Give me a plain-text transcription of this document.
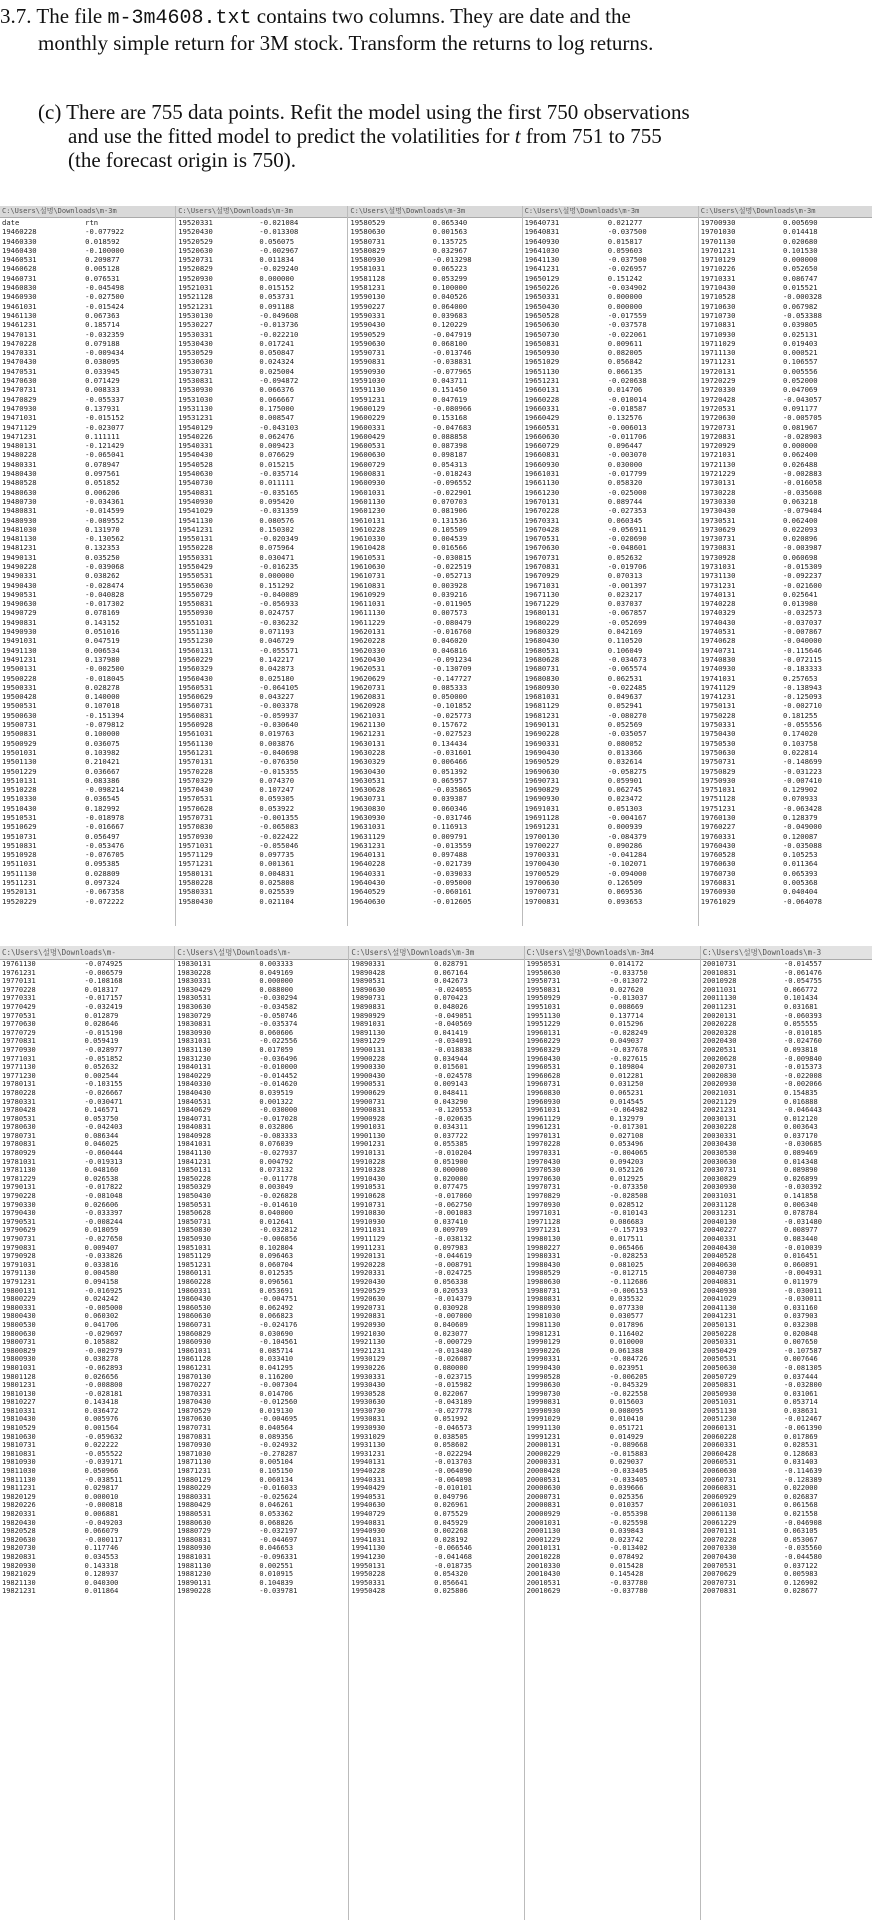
3.7. The file m-3m4608.txt contains two columns. They are date and the
monthly simple return for 3M stock. Transform the returns to log returns.
(c) There are 755 data points. Refit the model using the first 750 observations
and use the fitted model to predict the volatilities for t from 751 to 755
(the forecast origin is 750).
C:\Users\설명\Downloads\m-3m
date	rtn
19460228	-0.077922
19460330	0.018592
19460430	-0.100000
19460531	0.209877
19460628	0.005128
19460731	0.076531
19460830	-0.045498
19460930	-0.027500
19461031	-0.015424
19461130	0.067363
19461231	0.185714
19470131	-0.032359
19470228	0.079188
19470331	-0.009434
19470430	0.038095
19470531	0.033945
19470630	0.071429
19470731	0.008333
19470829	-0.055337
19470930	0.137931
19471031	-0.015152
19471129	-0.023077
19471231	0.111111
19480131	-0.121429
19480228	-0.065041
19480331	0.078947
19480430	0.097561
19480528	0.051852
19480630	0.006206
19480730	-0.034361
19480831	-0.014599
19480930	-0.089552
19481030	0.131970
19481130	-0.130562
19481231	0.132353
19490131	0.035250
19490228	-0.039068
19490331	0.038262
19490430	-0.028474
19490531	-0.040828
19490630	-0.017302
19490729	0.078169
19490831	0.143152
19490930	0.051016
19491031	0.047519
19491130	0.006534
19491231	0.137980
19500131	-0.002500
19500228	-0.018045
19500331	0.028278
19500428	0.140000
19500531	0.107018
19500630	-0.151394
19500731	-0.079812
19500831	0.100000
19500929	0.036075
19501031	0.103982
19501130	0.210421
19501229	0.036667
19510131	0.083386
19510228	-0.098214
19510330	0.036545
19510430	0.182992
19510531	-0.018978
19510629	-0.016667
19510731	0.056497
19510831	-0.053476
19510928	-0.076705
19511031	0.095385
19511130	0.028809
19511231	0.097324
19520131	-0.067358
19520229	-0.072222
C:\Users\설명\Downloads\m-3m
19520331	-0.021084
19520430	-0.013308
19520529	0.056075
19520630	-0.002967
19520731	0.011834
19520829	-0.029240
19520930	0.000000
19521031	0.015152
19521128	0.053731
19521231	0.091188
19530130	-0.049608
19530227	-0.013736
19530331	-0.022210
19530430	0.017241
19530529	0.050847
19530630	0.024324
19530731	0.025004
19530831	-0.094872
19530930	0.066376
19531030	0.066667
19531130	0.175000
19531231	0.008547
19540129	-0.043103
19540226	0.062476
19540331	0.009423
19540430	0.076629
19540528	0.015215
19540630	-0.035714
19540730	0.011111
19540831	-0.035165
19540930	0.095420
19541029	-0.031359
19541130	0.080576
19541231	0.150302
19550131	-0.020349
19550228	0.075964
19550331	0.030471
19550429	-0.016235
19550531	0.000000
19550630	0.151292
19550729	-0.040089
19550831	-0.056933
19550930	0.024757
19551031	-0.036232
19551130	0.071193
19551230	0.046729
19560131	-0.055571
19560229	0.142217
19560329	0.042873
19560430	0.025180
19560531	-0.064105
19560629	0.043227
19560731	-0.003378
19560831	-0.059937
19560928	-0.030640
19561031	0.019763
19561130	0.003876
19561231	-0.040698
19570131	-0.076350
19570228	-0.015355
19570329	0.074370
19570430	0.107247
19570531	0.059305
19570628	0.053922
19570731	-0.001355
19570830	-0.065083
19570930	-0.022422
19571031	-0.055046
19571129	0.097735
19571231	0.001361
19580131	0.004831
19580228	0.025808
19580331	0.025539
19580430	0.021104
C:\Users\설명\Downloads\m-3m
19580529	0.065340
19580630	0.001563
19580731	0.135725
19580829	0.032967
19580930	-0.013298
19581031	0.065223
19581128	0.053299
19581231	0.100000
19590130	0.040526
19590227	0.064000
19590331	0.039683
19590430	0.120229
19590529	-0.047919
19590630	0.068100
19590731	-0.013746
19590831	-0.038831
19590930	-0.077965
19591030	0.043711
19591130	0.151450
19591231	0.047619
19600129	-0.080966
19600229	0.153168
19600331	-0.047683
19600429	0.088858
19600531	0.087398
19600630	0.098187
19600729	0.054313
19600831	-0.018243
19600930	-0.096552
19601031	-0.022901
19601130	0.070703
19601230	0.081906
19610131	0.131536
19610228	0.105509
19610330	0.004539
19610428	0.016566
19610531	-0.030815
19610630	-0.022519
19610731	-0.052713
19610831	0.003928
19610929	0.039216
19611031	-0.011905
19611130	0.007573
19611229	-0.080479
19620131	-0.016760
19620228	0.046020
19620330	0.046816
19620430	-0.091234
19620531	-0.130709
19620629	-0.147727
19620731	0.085333
19620831	0.050000
19620928	-0.101852
19621031	-0.025773
19621130	0.157672
19621231	-0.027523
19630131	0.134434
19630228	-0.031601
19630329	0.006466
19630430	0.051392
19630531	0.065957
19630628	-0.035865
19630731	0.039387
19630830	0.060346
19630930	-0.031746
19631031	0.116913
19631129	0.009791
19631231	-0.013559
19640131	0.097488
19640228	-0.021739
19640331	-0.039033
19640430	-0.095000
19640529	-0.060161
19640630	-0.012605
C:\Users\설명\Downloads\m-3m
19640731	0.021277
19640831	-0.037500
19640930	0.015817
19641030	0.059603
19641130	-0.037500
19641231	-0.026957
19650129	0.151242
19650226	-0.034902
19650331	0.000000
19650430	0.000000
19650528	-0.017559
19650630	-0.037578
19650730	-0.022061
19650831	0.009611
19650930	0.082005
19651029	0.056842
19651130	0.066135
19651231	-0.020638
19660131	0.014706
19660228	-0.010014
19660331	-0.018587
19660429	0.132576
19660531	-0.006013
19660630	-0.011706
19660729	0.096447
19660831	-0.003070
19660930	0.030000
19661031	-0.017799
19661130	0.058320
19661230	-0.025000
19670131	0.089744
19670228	-0.027353
19670331	0.060345
19670428	-0.056911
19670531	-0.020690
19670630	-0.048601
19670731	0.052632
19670831	-0.019706
19670929	0.070313
19671031	-0.001397
19671130	0.023217
19671229	0.037037
19680131	-0.067857
19680229	-0.052699
19680329	0.042169
19680430	0.110520
19680531	0.106049
19680628	-0.034673
19680731	-0.065574
19680830	0.062531
19680930	-0.022485
19681031	0.049637
19681129	0.052941
19681231	-0.080270
19690131	0.052569
19690228	-0.035057
19690331	0.080052
19690430	0.013366
19690529	0.032614
19690630	-0.058275
19690731	0.059901
19690829	0.062745
19690930	0.023472
19691031	0.051303
19691128	-0.004167
19691231	0.000939
19700130	-0.084379
19700227	0.090286
19700331	-0.041284
19700430	-0.102071
19700529	-0.094000
19700630	0.126509
19700731	0.069536
19700831	0.093653
C:\Users\설명\Downloads\m-3m
19700930	0.005690
19701030	0.014418
19701130	0.020680
19701231	0.101530
19710129	0.000000
19710226	0.052650
19710331	0.086747
19710430	0.015521
19710528	-0.000328
19710630	0.067982
19710730	-0.053388
19710831	0.039805
19710930	0.025131
19711029	0.019403
19711130	0.000521
19711231	0.106557
19720131	0.005556
19720229	0.052000
19720330	0.047069
19720428	-0.043057
19720531	0.091177
19720630	-0.005705
19720731	0.081967
19720831	-0.028903
19720929	0.000000
19721031	0.062400
19721130	0.026488
19721229	-0.002883
19730131	-0.016058
19730228	-0.035608
19730330	0.063218
19730430	-0.079404
19730531	0.062400
19730629	0.022093
19730731	0.020896
19730831	-0.003987
19730928	0.060698
19731031	-0.015309
19731130	-0.092237
19731231	-0.021600
19740131	0.025641
19740228	0.013980
19740329	-0.032573
19740430	-0.037037
19740531	-0.007867
19740628	-0.040000
19740731	-0.115646
19740830	-0.072115
19740930	-0.183333
19741031	0.257653
19741129	-0.138943
19741231	-0.125093
19750131	-0.002710
19750228	0.181255
19750331	-0.055556
19750430	0.174020
19750530	0.103758
19750630	0.022814
19750731	-0.148699
19750829	-0.031223
19750930	-0.007410
19751031	0.129902
19751128	0.070933
19751231	-0.063428
19760130	0.128379
19760227	-0.049000
19760331	0.120087
19760430	-0.035088
19760528	0.105253
19760630	0.011364
19760730	0.065393
19760831	0.005368
19760930	0.040404
19761029	-0.064078
C:\Users\설명\Downloads\m-
19761130	-0.074925
19761231	-0.006579
19770131	-0.108168
19770228	0.018317
19770331	-0.017157
19770429	-0.032419
19770531	0.012879
19770630	0.028646
19770729	-0.015190
19770831	0.059419
19770930	-0.028977
19771031	-0.051852
19771130	0.052632
19771230	0.002544
19780131	-0.103155
19780228	-0.026667
19780331	-0.030471
19780428	0.146571
19780531	0.053750
19780630	-0.042403
19780731	0.086344
19780831	0.046025
19780929	-0.060444
19781031	-0.019313
19781130	0.048160
19781229	0.026538
19790131	-0.017822
19790228	-0.081048
19790330	0.026606
19790430	-0.033397
19790531	-0.008244
19790629	0.018059
19790731	-0.027650
19790831	0.009407
19790928	-0.033826
19791031	0.033816
19791130	0.004580
19791231	0.094158
19800131	-0.016925
19800229	0.024242
19800331	-0.005000
19800430	0.060302
19800530	0.041706
19800630	-0.029697
19800731	0.105882
19800829	-0.002979
19800930	0.038278
19801031	-0.062893
19801128	0.026656
19801231	-0.008800
19810130	-0.028181
19810227	0.143418
19810331	0.036472
19810430	0.005976
19810529	0.001564
19810630	-0.059632
19810731	0.022222
19810831	-0.055522
19810930	-0.039171
19811030	0.050966
19811130	-0.038511
19811231	0.029817
19820129	0.000010
19820226	-0.000818
19820331	0.006881
19820430	-0.049203
19820528	0.066079
19820630	-0.000117
19820730	0.117746
19820831	0.034553
19820930	0.143318
19821029	0.128937
19821130	0.040300
19821231	0.011864
C:\Users\설명\Downloads\m-
19830131	0.003333
19830228	0.049169
19830331	0.000000
19830429	0.088000
19830531	-0.030294
19830630	-0.034582
19830729	-0.050746
19830831	-0.035374
19830930	0.060606
19831031	-0.022556
19831130	0.017059
19831230	-0.036496
19840131	-0.010000
19840229	-0.014452
19840330	-0.014620
19840430	0.039519
19840531	0.001322
19840629	-0.030000
19840731	-0.017028
19840831	0.032806
19840928	-0.083333
19841031	0.076039
19841130	-0.027937
19841231	0.004792
19850131	0.073132
19850228	-0.011778
19850329	0.003049
19850430	-0.026828
19850531	-0.014610
19850628	0.040000
19850731	0.012641
19850830	-0.032812
19850930	-0.006856
19851031	0.102804
19851129	0.096463
19851231	0.060704
19860131	0.012535
19860228	0.096561
19860331	0.053691
19860430	-0.004751
19860530	0.062492
19860630	0.066823
19860731	-0.024176
19860829	0.030690
19860930	-0.104561
19861031	0.085714
19861128	0.033410
19861231	0.041295
19870130	0.116200
19870227	-0.007304
19870331	0.014706
19870430	-0.012560
19870529	0.019130
19870630	-0.004695
19870731	0.040564
19870831	0.089356
19870930	-0.024932
19871030	-0.278287
19871130	0.005104
19871231	0.105150
19880129	0.060134
19880229	-0.016033
19880331	-0.025624
19880429	0.046261
19880531	0.053362
19880630	0.068826
19880729	-0.032197
19880831	-0.044697
19880930	0.046653
19881031	-0.096331
19881130	0.002551
19881230	0.010915
19890131	0.104839
19890228	-0.039781
C:\Users\설명\Downloads\m-3m
19890331	0.028791
19890428	0.067164
19890531	0.042673
19890630	-0.024055
19890731	0.070423
19890831	0.048026
19890929	-0.049051
19891031	-0.040569
19891130	0.041419
19891229	-0.034091
19900131	-0.018838
19900228	0.034944
19900330	0.015601
19900430	-0.024578
19900531	0.009143
19900629	0.048411
19900731	0.043290
19900831	-0.120553
19900928	-0.020635
19901031	0.034311
19901130	0.037722
19901231	0.055385
19910131	-0.010204
19910228	0.051900
19910328	0.000000
19910430	0.020000
19910531	0.077475
19910628	-0.017060
19910731	-0.062750
19910830	-0.001083
19910930	0.037410
19911031	0.009709
19911129	-0.038132
19911231	0.097983
19920131	-0.044619
19920228	-0.008791
19920331	-0.024725
19920430	0.056338
19920529	0.020533
19920630	-0.014379
19920731	0.030928
19920831	-0.007000
19920930	0.040609
19921030	0.023077
19921130	-0.000729
19921231	-0.013480
19930129	-0.026087
19930226	0.080000
19930331	-0.023715
19930430	-0.015982
19930528	0.022067
19930630	-0.043189
19930730	-0.027778
19930831	0.051992
19930930	-0.046573
19931029	0.038505
19931130	0.058602
19931231	-0.022294
19940131	-0.013703
19940228	-0.064090
19940331	-0.064098
19940429	-0.010101
19940531	0.049796
19940630	0.026961
19940729	0.075529
19940831	0.045929
19940930	0.002268
19941031	0.028192
19941130	-0.066546
19941230	-0.041468
19950131	-0.018735
19950228	0.054320
19950331	0.056641
19950428	0.025806
C:\Users\설명\Downloads\m-3m4
19950531	0.014172
19950630	-0.033750
19950731	-0.013072
19950831	0.027620
19950929	-0.013037
19951031	0.008669
19951130	0.137714
19951229	0.015296
19960131	-0.028249
19960229	0.049037
19960329	-0.037678
19960430	-0.027615
19960531	0.109804
19960628	0.012281
19960731	0.031250
19960830	0.065231
19960930	0.014545
19961031	-0.064982
19961129	0.132979
19961231	-0.017301
19970131	0.027108
19970228	0.053496
19970331	-0.004065
19970430	0.094203
19970530	0.052126
19970630	0.012925
19970731	-0.073350
19970829	-0.028508
19970930	0.028512
19971031	-0.010143
19971128	0.086683
19971231	-0.157193
19980130	0.017511
19980227	0.065466
19980331	-0.028253
19980430	0.081025
19980529	-0.012715
19980630	-0.112686
19980731	-0.006153
19980831	0.035532
19980930	0.077330
19981030	0.030577
19981130	0.017896
19981231	0.116402
19990129	0.010000
19990226	0.061388
19990331	-0.084726
19990430	0.023951
19990528	-0.006205
19990630	-0.045329
19990730	-0.022558
19990831	0.015603
19990930	0.008095
19991029	0.010410
19991130	0.051721
19991231	0.014929
20000131	-0.089668
20000229	-0.015883
20000331	0.029037
20000428	-0.033405
20000531	-0.033405
20000630	0.039666
20000731	0.025356
20000831	0.010357
20000929	-0.055398
20001031	-0.025598
20001130	0.039843
20001229	0.023742
20010131	-0.013402
20010228	0.078492
20010330	0.015428
20010430	0.145428
20010531	-0.037780
20010629	-0.037780
C:\Users\설명\Downloads\m-3
20010731	-0.014557
20010831	-0.061476
20010928	-0.054755
20011031	0.066772
20011130	0.101434
20011231	0.031681
20020131	-0.060393
20020228	0.055555
20020328	-0.010185
20020430	-0.024760
20020531	0.093818
20020628	-0.009840
20020731	-0.015373
20020830	-0.022008
20020930	-0.002066
20021031	0.154835
20021129	0.016888
20021231	-0.046443
20030131	0.012120
20030228	0.003643
20030331	0.037170
20030430	-0.030685
20030530	0.089469
20030630	0.014348
20030731	0.089890
20030829	0.026899
20030930	-0.030392
20031031	0.141858
20031128	0.006340
20031231	0.078784
20040130	-0.031480
20040227	0.008977
20040331	0.083440
20040430	-0.010039
20040528	0.016451
20040630	0.060891
20040730	-0.004931
20040831	0.011979
20040930	-0.030011
20041029	-0.030011
20041130	0.031160
20041231	0.037903
20050131	0.032308
20050228	0.020848
20050331	0.007650
20050429	-0.107587
20050531	0.007646
20050630	-0.081305
20050729	0.037444
20050831	-0.032800
20050930	0.031061
20051031	0.053714
20051130	0.038631
20051230	-0.012467
20060131	-0.061390
20060228	0.017869
20060331	0.028531
20060428	0.128683
20060531	0.031403
20060630	-0.114639
20060731	-0.128389
20060831	0.022000
20060929	0.026837
20061031	0.061568
20061130	0.021558
20061229	-0.046908
20070131	0.063105
20070228	0.053067
20070330	-0.035560
20070430	-0.044580
20070531	0.037122
20070629	0.005983
20070731	0.126902
20070831	0.028677
